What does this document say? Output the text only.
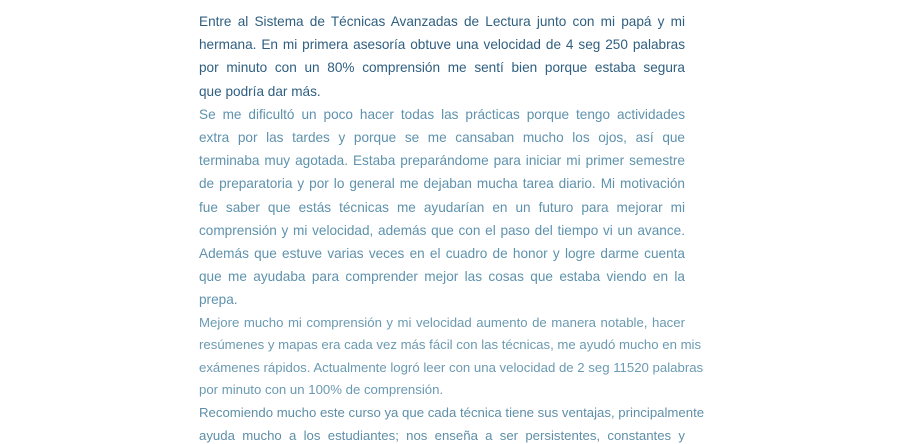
Entre al Sistema de Técnicas Avanzadas de Lectura junto con mi papá y mi
hermana. En mi primera asesoría obtuve una velocidad de 4 seg 250 palabras
por minuto con un 80% comprensión me sentí bien porque estaba segura
que podría dar más.

Se me dificultó un poco hacer todas las prácticas porque tengo actividades
extra por las tardes y porque se me cansaban mucho los ojos, así que
terminaba muy agotada. Estaba preparándome para iniciar mi primer semestre
de preparatoria y por lo general me dejaban mucha tarea diario. Mi motivación
fue saber que estás técnicas me ayudarían en un futuro para mejorar mi
comprensión y mi velocidad, además que con el paso del tiempo vi un avance.
Además que estuve varias veces en el cuadro de honor y logre darme cuenta
que me ayudaba para comprender mejor las cosas que estaba viendo en la
prepa.

Mejore mucho mi comprensión y mi velocidad aumento de manera notable, hacer
resúmenes y mapas era cada vez más fácil con las técnicas, me ayudó mucho en mis
exámenes rápidos. Actualmente logró leer con una velocidad de 2 seg 11520 palabras
por minuto con un 100% de comprensión.

Recomiendo mucho este curso ya que cada técnica tiene sus ventajas, principalmente
ayuda mucho a los estudiantes; nos enseña a ser persistentes, constantes y
